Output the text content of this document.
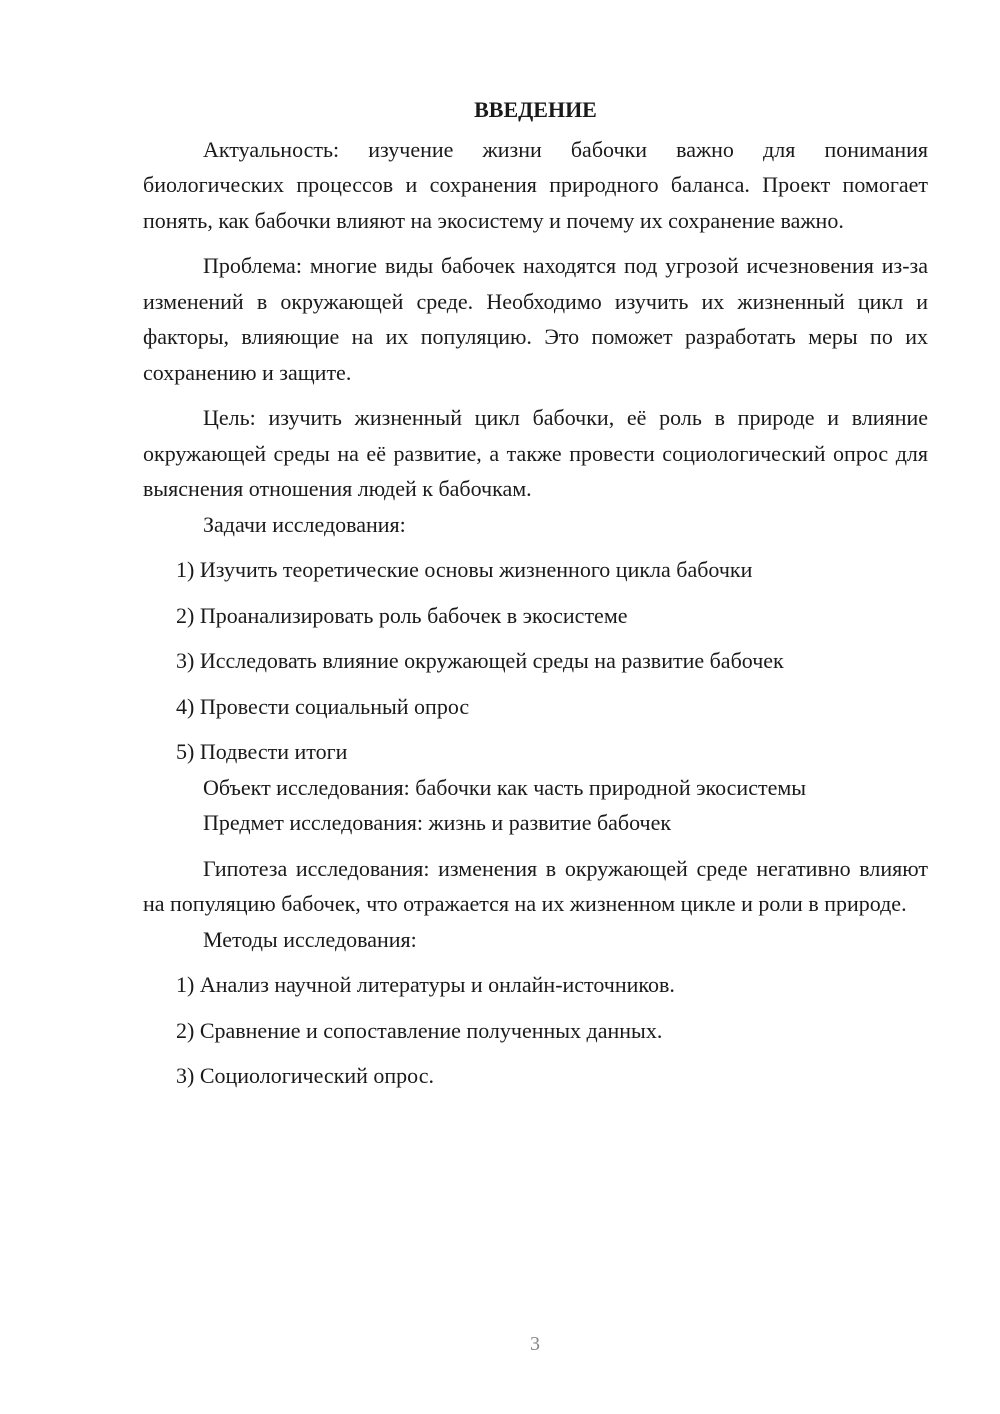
ВВЕДЕНИЕ

Актуальность: изучение жизни бабочки важно для понимания биологических процессов и сохранения природного баланса. Проект помогает понять, как бабочки влияют на экосистему и почему их сохранение важно.

Проблема: многие виды бабочек находятся под угрозой исчезновения из-за изменений в окружающей среде. Необходимо изучить их жизненный цикл и факторы, влияющие на их популяцию. Это поможет разработать меры по их сохранению и защите.

Цель: изучить жизненный цикл бабочки, её роль в природе и влияние окружающей среды на её развитие, а также провести социологический опрос для выяснения отношения людей к бабочкам.

Задачи исследования:
1) Изучить теоретические основы жизненного цикла бабочки
2) Проанализировать роль бабочек в экосистеме
3) Исследовать влияние окружающей среды на развитие бабочек
4) Провести социальный опрос
5) Подвести итоги
Объект исследования: бабочки как часть природной экосистемы
Предмет исследования: жизнь и развитие бабочек

Гипотеза исследования: изменения в окружающей среде негативно влияют на популяцию бабочек, что отражается на их жизненном цикле и роли в природе.

Методы исследования:
1) Анализ научной литературы и онлайн-источников.
2) Сравнение и сопоставление полученных данных.
3) Социологический опрос.
3
